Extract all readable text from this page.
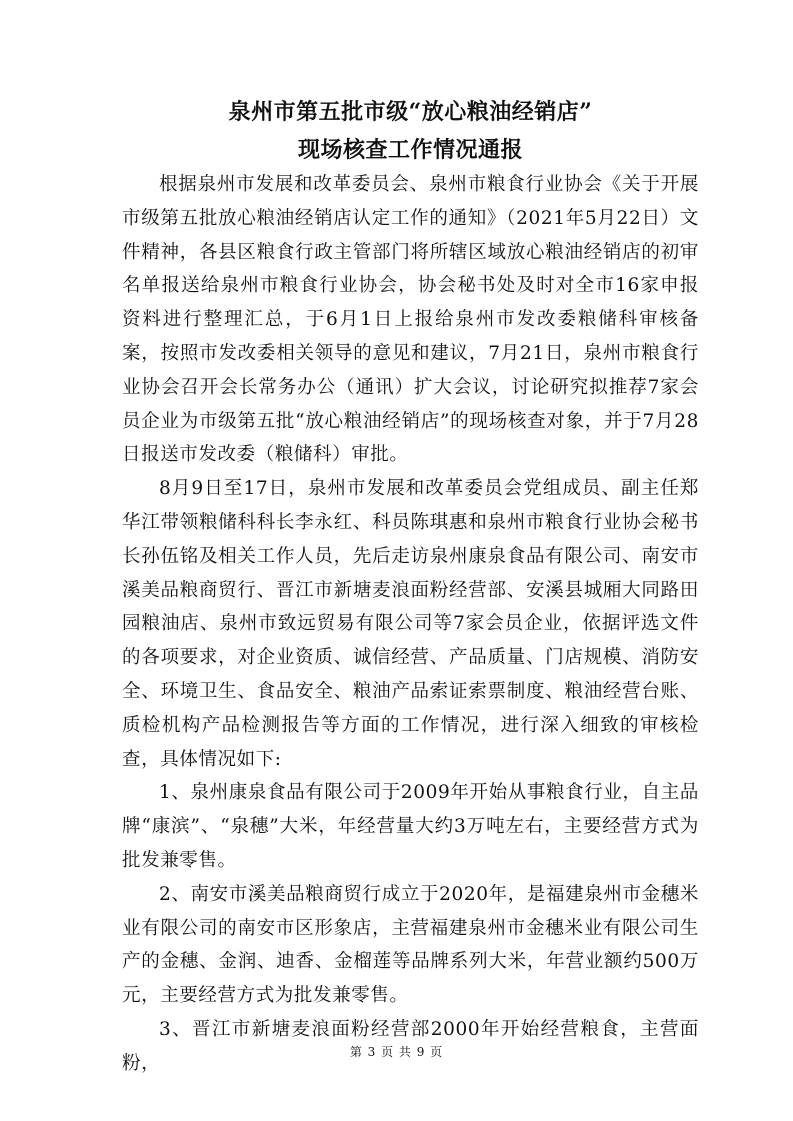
泉州市第五批市级“放心粮油经销店”
现场核查工作情况通报

根据泉州市发展和改革委员会、泉州市粮食行业协会《关于开展市级第五批放心粮油经销店认定工作的通知》（2021年5月22日）文件精神，各县区粮食行政主管部门将所辖区域放心粮油经销店的初审名单报送给泉州市粮食行业协会，协会秘书处及时对全市16家申报资料进行整理汇总，于6月1日上报给泉州市发改委粮储科审核备案，按照市发改委相关领导的意见和建议，7月21日，泉州市粮食行业协会召开会长常务办公（通讯）扩大会议，讨论研究拟推荐7家会员企业为市级第五批“放心粮油经销店”的现场核查对象，并于7月28日报送市发改委（粮储科）审批。

8月9日至17日，泉州市发展和改革委员会党组成员、副主任郑华江带领粮储科科长李永红、科员陈琪惠和泉州市粮食行业协会秘书长孙伍铭及相关工作人员，先后走访泉州康泉食品有限公司、南安市溪美品粮商贸行、晋江市新塘麦浪面粉经营部、安溪县城厢大同路田园粮油店、泉州市致远贸易有限公司等7家会员企业，依据评选文件的各项要求，对企业资质、诚信经营、产品质量、门店规模、消防安全、环境卫生、食品安全、粮油产品索证索票制度、粮油经营台账、质检机构产品检测报告等方面的工作情况，进行深入细致的审核检查，具体情况如下:

1、泉州康泉食品有限公司于2009年开始从事粮食行业，自主品牌“康滨”、“泉穗”大米，年经营量大约3万吨左右，主要经营方式为批发兼零售。

2、南安市溪美品粮商贸行成立于2020年，是福建泉州市金穗米业有限公司的南安市区形象店，主营福建泉州市金穗米业有限公司生产的金穗、金润、迪香、金榴莲等品牌系列大米，年营业额约500万元，主要经营方式为批发兼零售。

3、晋江市新塘麦浪面粉经营部2000年开始经营粮食，主营面粉，

第 3 页 共 9 页
